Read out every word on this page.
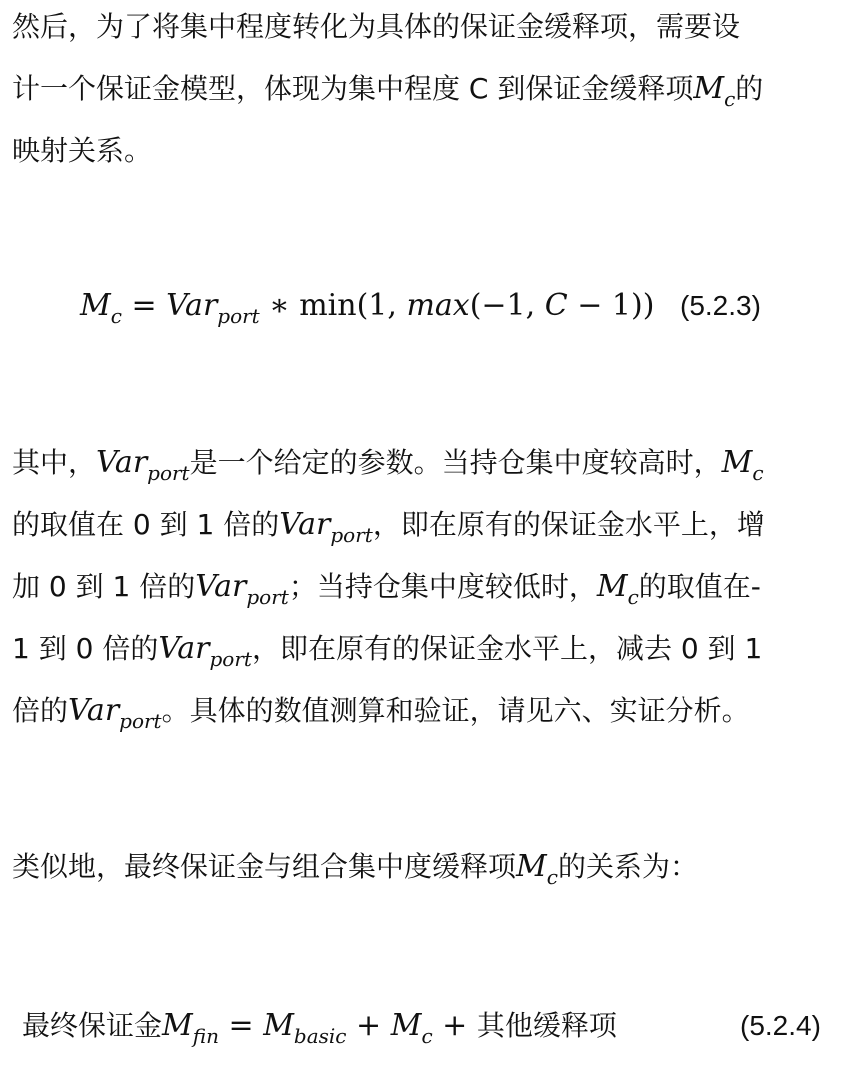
然后，为了将集中程度转化为具体的保证金缓释项，需要设
计一个保证金模型，体现为集中程度 C 到保证金缓释项$M_c$的
映射关系。
$M_c = Var_{port}$ ∗ min(1, max(−1, C − 1)) (5.2.3)
其中，Var$_{port}$是一个给定的参数。当持仓集中度较高时，$M_c$
的取值在 0 到 1 倍的Var$_{port}$，即在原有的保证金水平上，增
加 0 到 1 倍的Var$_{port}$；当持仓集中度较低时，$M_c$的取值在-
1 到 0 倍的Var$_{port}$，即在原有的保证金水平上，减去 0 到 1
倍的Var$_{port}$。具体的数值测算和验证，请见六、实证分析。
类似地，最终保证金与组合集中度缓释项$M_c$的关系为：
最终保证金$M_{fin} = M_{basic} + M_c$ + 其他缓释项	(5.2.4)
